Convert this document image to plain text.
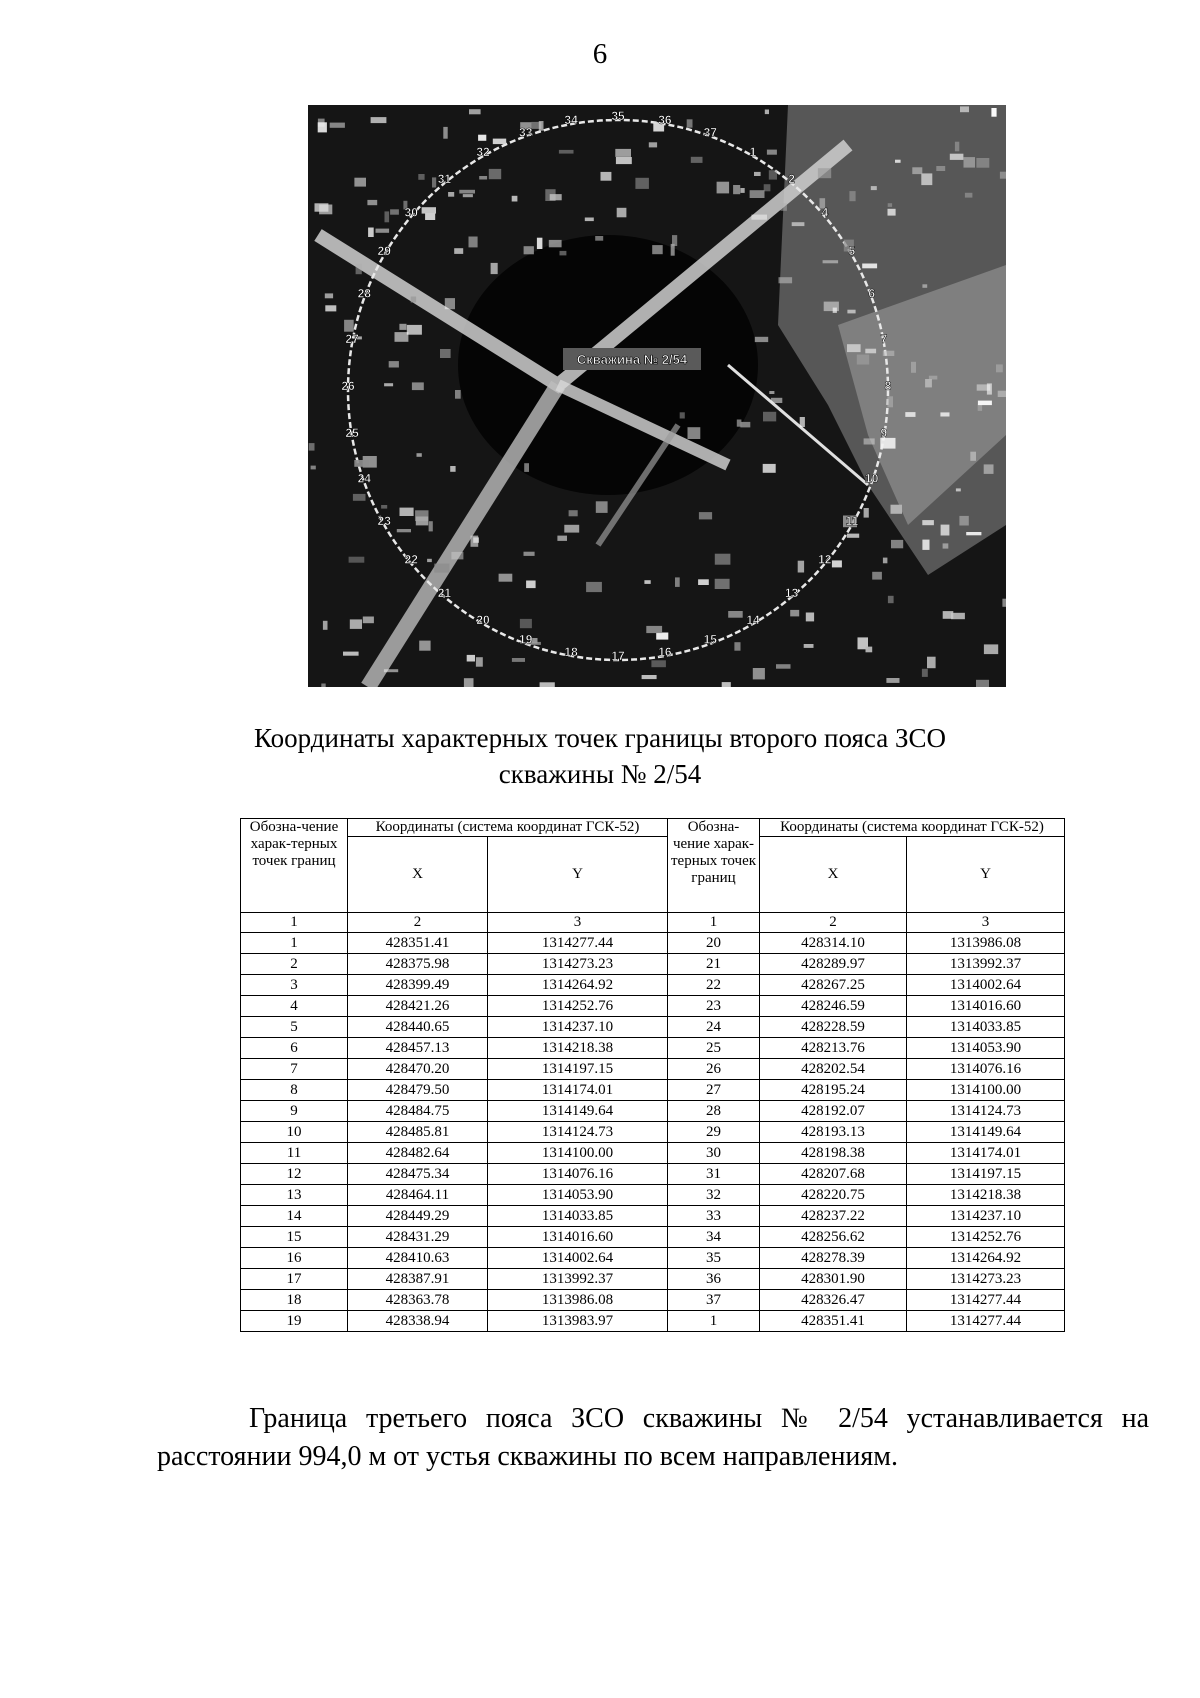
6
1
2
4
5
6
7
8
9
10
11
12
13
14
15
16
17
18
19
20
21
22
23
24
25
26
27
28
29
30
31
32
33
34	35	36
37
Скважина № 2/54
Координаты характерных точек границы второго пояса ЗСО
скважины № 2/54
Обозна-чение харак-терных точек границ	Координаты (система координат ГСК-52)		Обозна-чение харак-терных точек границ	Координаты (система координат ГСК-52)	
	X	Y		X	Y
1	2	3	1	2	3
1	428351.41	1314277.44	20	428314.10	1313986.08
2	428375.98	1314273.23	21	428289.97	1313992.37
3	428399.49	1314264.92	22	428267.25	1314002.64
4	428421.26	1314252.76	23	428246.59	1314016.60
5	428440.65	1314237.10	24	428228.59	1314033.85
6	428457.13	1314218.38	25	428213.76	1314053.90
7	428470.20	1314197.15	26	428202.54	1314076.16
8	428479.50	1314174.01	27	428195.24	1314100.00
9	428484.75	1314149.64	28	428192.07	1314124.73
10	428485.81	1314124.73	29	428193.13	1314149.64
11	428482.64	1314100.00	30	428198.38	1314174.01
12	428475.34	1314076.16	31	428207.68	1314197.15
13	428464.11	1314053.90	32	428220.75	1314218.38
14	428449.29	1314033.85	33	428237.22	1314237.10
15	428431.29	1314016.60	34	428256.62	1314252.76
16	428410.63	1314002.64	35	428278.39	1314264.92
17	428387.91	1313992.37	36	428301.90	1314273.23
18	428363.78	1313986.08	37	428326.47	1314277.44
19	428338.94	1313983.97	1	428351.41	1314277.44
Граница третьего пояса ЗСО скважины № 2/54 устанавливается на
расстоянии 994,0 м от устья скважины по всем направлениям.
